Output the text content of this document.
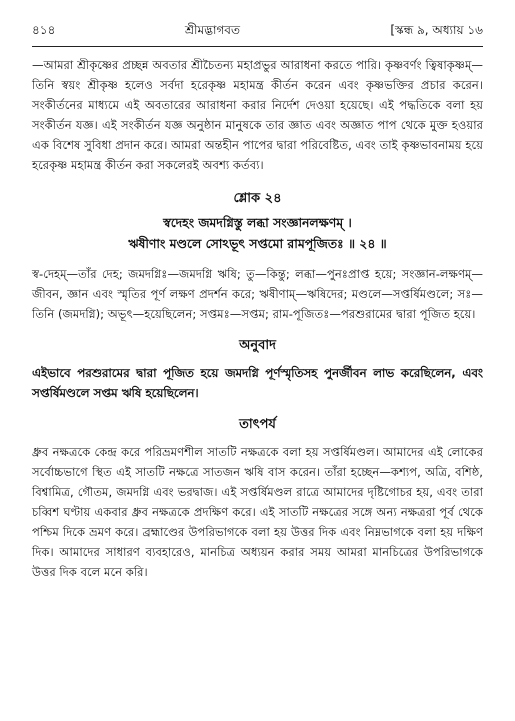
৪১৪	শ্রীমদ্ভাগবত	[স্কন্ধ ৯, অধ্যায় ১৬

—আমরা শ্রীকৃষ্ণের প্রচ্ছন্ন অবতার শ্রীচৈতন্য মহাপ্রভুর আরাধনা করতে পারি। কৃষ্ণবর্ণং ত্বিষাকৃষ্ণম্—তিনি স্বয়ং শ্রীকৃষ্ণ হলেও সর্বদা হরেকৃষ্ণ মহামন্ত্র কীর্তন করেন এবং কৃষ্ণভক্তির প্রচার করেন। সংকীর্তনের মাধ্যমে এই অবতারের আরাধনা করার নির্দেশ দেওয়া হয়েছে। এই পদ্ধতিকে বলা হয় সংকীর্তন যজ্ঞ। এই সংকীর্তন যজ্ঞ অনুষ্ঠান মানুষকে তার জ্ঞাত এবং অজ্ঞাত পাপ থেকে মুক্ত হওয়ার এক বিশেষ সুবিধা প্রদান করে। আমরা অন্তহীন পাপের দ্বারা পরিবেষ্টিত, এবং তাই কৃষ্ণভাবনাময় হয়ে হরেকৃষ্ণ মহামন্ত্র কীর্তন করা সকলেরই অবশ্য কর্তব্য।

শ্লোক ২৪
স্বদেহং জমদগ্নিস্তু লব্ধা সংজ্ঞানলক্ষণম্ ।
ঋষীণাং মণ্ডলে সোঽভূৎ সপ্তমো রামপূজিতঃ ॥ ২৪ ॥

স্ব-দেহম্—তাঁর দেহ; জমদগ্নিঃ—জমদগ্নি ঋষি; তু—কিন্তু; লব্ধা—পুনঃপ্রাপ্ত হয়ে; সংজ্ঞান-লক্ষণম্—জীবন, জ্ঞান এবং স্মৃতির পূর্ণ লক্ষণ প্রদর্শন করে; ঋষীণাম্—ঋষিদের; মণ্ডলে—সপ্তর্ষিমণ্ডলে; সঃ—তিনি (জমদগ্নি); অভূৎ—হয়েছিলেন; সপ্তমঃ—সপ্তম; রাম-পূজিতঃ—পরশুরামের দ্বারা পূজিত হয়ে।

অনুবাদ

এইভাবে পরশুরামের দ্বারা পূজিত হয়ে জমদগ্নি পূর্ণস্মৃতিসহ পুনর্জীবন লাভ করেছিলেন, এবং সপ্তর্ষিমণ্ডলে সপ্তম ঋষি হয়েছিলেন।

তাৎপর্য

ধ্রুব নক্ষত্রকে কেন্দ্র করে পরিভ্রমণশীল সাতটি নক্ষত্রকে বলা হয় সপ্তর্ষিমণ্ডল। আমাদের এই লোকের সর্বোচ্চভাগে স্থিত এই সাতটি নক্ষত্রে সাতজন ঋষি বাস করেন। তাঁরা হচ্ছেন—কশ্যপ, অত্রি, বশিষ্ঠ, বিশ্বামিত্র, গৌতম, জমদগ্নি এবং ভরদ্বাজ। এই সপ্তর্ষিমণ্ডল রাত্রে আমাদের দৃষ্টিগোচর হয়, এবং তারা চব্বিশ ঘণ্টায় একবার ধ্রুব নক্ষত্রকে প্রদক্ষিণ করে। এই সাতটি নক্ষত্রের সঙ্গে অন্য নক্ষত্ররা পূর্ব থেকে পশ্চিম দিকে ভ্রমণ করে। ব্রহ্মাণ্ডের উপরিভাগকে বলা হয় উত্তর দিক এবং নিম্নভাগকে বলা হয় দক্ষিণ দিক। আমাদের সাধারণ ব্যবহারেও, মানচিত্র অধ্যয়ন করার সময় আমরা মানচিত্রের উপরিভাগকে উত্তর দিক বলে মনে করি।
